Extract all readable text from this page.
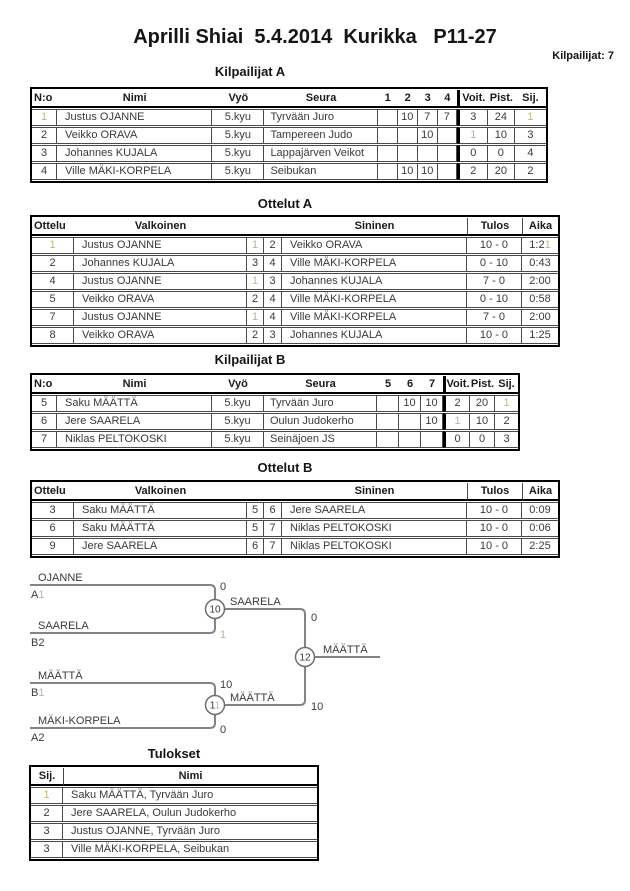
Aprilli Shiai  5.4.2014  Kurikka   P11-27
Kilpailijat: 7
Kilpailijat A
N:o	Nimi	Vyö	Seura	1	2	3	4	Voit.	Pist.	Sij.
1	Justus OJANNE	5.kyu	Tyrvään Juro		10	7	7	3	24	1
2	Veikko ORAVA	5.kyu	Tampereen Judo			10		1	10	3
3	Johannes KUJALA	5.kyu	Lappajärven Veikot					0	0	4
4	Ville MÄKI-KORPELA	5.kyu	Seibukan		10	10		2	20	2
Ottelut A
Ottelu	Valkoinen			Sininen	Tulos	Aika
1	Justus OJANNE	1	2	Veikko ORAVA	10 - 0	1:21
2	Johannes KUJALA	3	4	Ville MÄKI-KORPELA	0 - 10	0:43
4	Justus OJANNE	1	3	Johannes KUJALA	7 - 0	2:00
5	Veikko ORAVA	2	4	Ville MÄKI-KORPELA	0 - 10	0:58
7	Justus OJANNE	1	4	Ville MÄKI-KORPELA	7 - 0	2:00
8	Veikko ORAVA	2	3	Johannes KUJALA	10 - 0	1:25
Kilpailijat B
N:o	Nimi	Vyö	Seura	5	6	7	Voit.	Pist.	Sij.
5	Saku MÄÄTTÄ	5.kyu	Tyrvään Juro		10	10	2	20	1
6	Jere SAARELA	5.kyu	Oulun Judokerho			10	1	10	2
7	Niklas PELTOKOSKI	5.kyu	Seinäjoen JS				0	0	3
Ottelut B
Ottelu	Valkoinen			Sininen	Tulos	Aika
3	Saku MÄÄTTÄ	5	6	Jere SAARELA	10 - 0	0:09
6	Saku MÄÄTTÄ	5	7	Niklas PELTOKOSKI	10 - 0	0:06
9	Jere SAARELA	6	7	Niklas PELTOKOSKI	10 - 0	2:25
OJANNE
A1
0
SAARELA
B2
1
SAARELA
0
MÄÄTTÄ
B1
10
MÄKI-KORPELA
A2
0
MÄÄTTÄ
10
MÄÄTTÄ
10
11
12
Tulokset
Sij.	Nimi
1	Saku MÄÄTTÄ, Tyrvään Juro
2	Jere SAARELA, Oulun Judokerho
3	Justus OJANNE, Tyrvään Juro
3	Ville MÄKI-KORPELA, Seibukan
